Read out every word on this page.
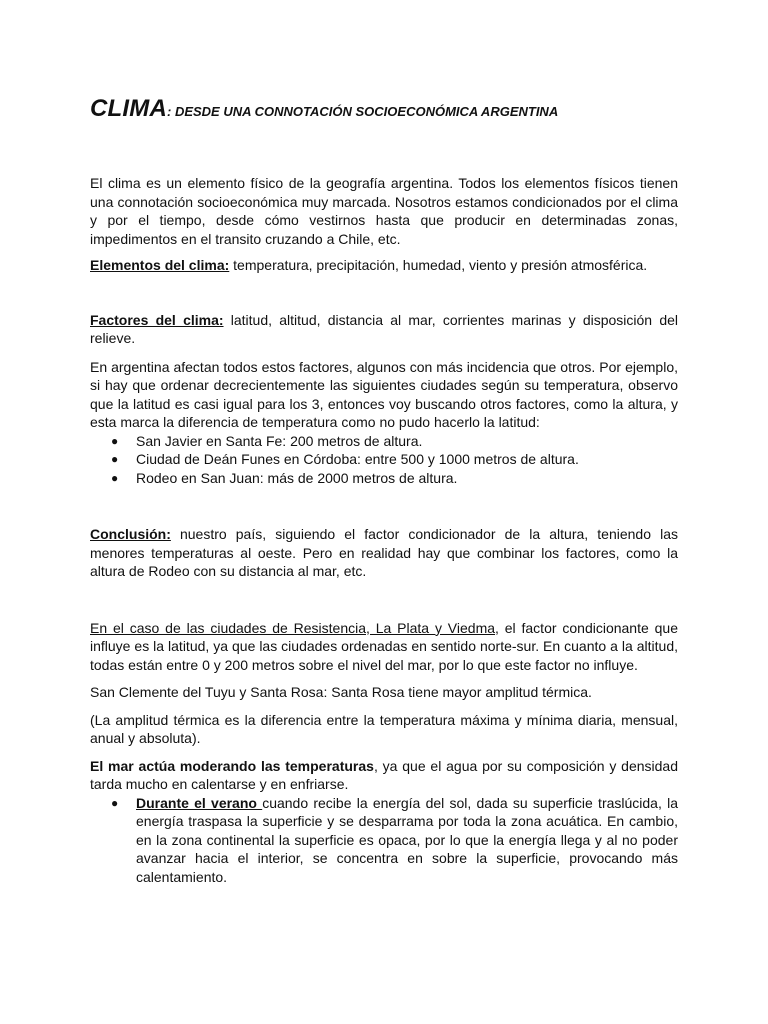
CLIMA: DESDE UNA CONNOTACIÓN SOCIOECONÓMICA ARGENTINA

El clima es un elemento físico de la geografía argentina. Todos los elementos físicos tienen una connotación socioeconómica muy marcada. Nosotros estamos condicionados por el clima y por el tiempo, desde cómo vestirnos hasta que producir en determinadas zonas, impedimentos en el transito cruzando a Chile, etc.

Elementos del clima: temperatura, precipitación, humedad, viento y presión atmosférica.

Factores del clima: latitud, altitud, distancia al mar, corrientes marinas y disposición del relieve.

En argentina afectan todos estos factores, algunos con más incidencia que otros. Por ejemplo, si hay que ordenar decrecientemente las siguientes ciudades según su temperatura, observo que la latitud es casi igual para los 3, entonces voy buscando otros factores, como la altura, y esta marca la diferencia de temperatura como no pudo hacerlo la latitud:

● San Javier en Santa Fe: 200 metros de altura.
● Ciudad de Deán Funes en Córdoba: entre 500 y 1000 metros de altura.
● Rodeo en San Juan: más de 2000 metros de altura.

Conclusión: nuestro país, siguiendo el factor condicionador de la altura, teniendo las menores temperaturas al oeste. Pero en realidad hay que combinar los factores, como la altura de Rodeo con su distancia al mar, etc.

En el caso de las ciudades de Resistencia, La Plata y Viedma, el factor condicionante que influye es la latitud, ya que las ciudades ordenadas en sentido norte-sur. En cuanto a la altitud, todas están entre 0 y 200 metros sobre el nivel del mar, por lo que este factor no influye.

San Clemente del Tuyu y Santa Rosa: Santa Rosa tiene mayor amplitud térmica.

(La amplitud térmica es la diferencia entre la temperatura máxima y mínima diaria, mensual, anual y absoluta).

El mar actúa moderando las temperaturas, ya que el agua por su composición y densidad tarda mucho en calentarse y en enfriarse.

● Durante el verano cuando recibe la energía del sol, dada su superficie traslúcida, la energía traspasa la superficie y se desparrama por toda la zona acuática. En cambio, en la zona continental la superficie es opaca, por lo que la energía llega y al no poder avanzar hacia el interior, se concentra en sobre la superficie, provocando más calentamiento.
